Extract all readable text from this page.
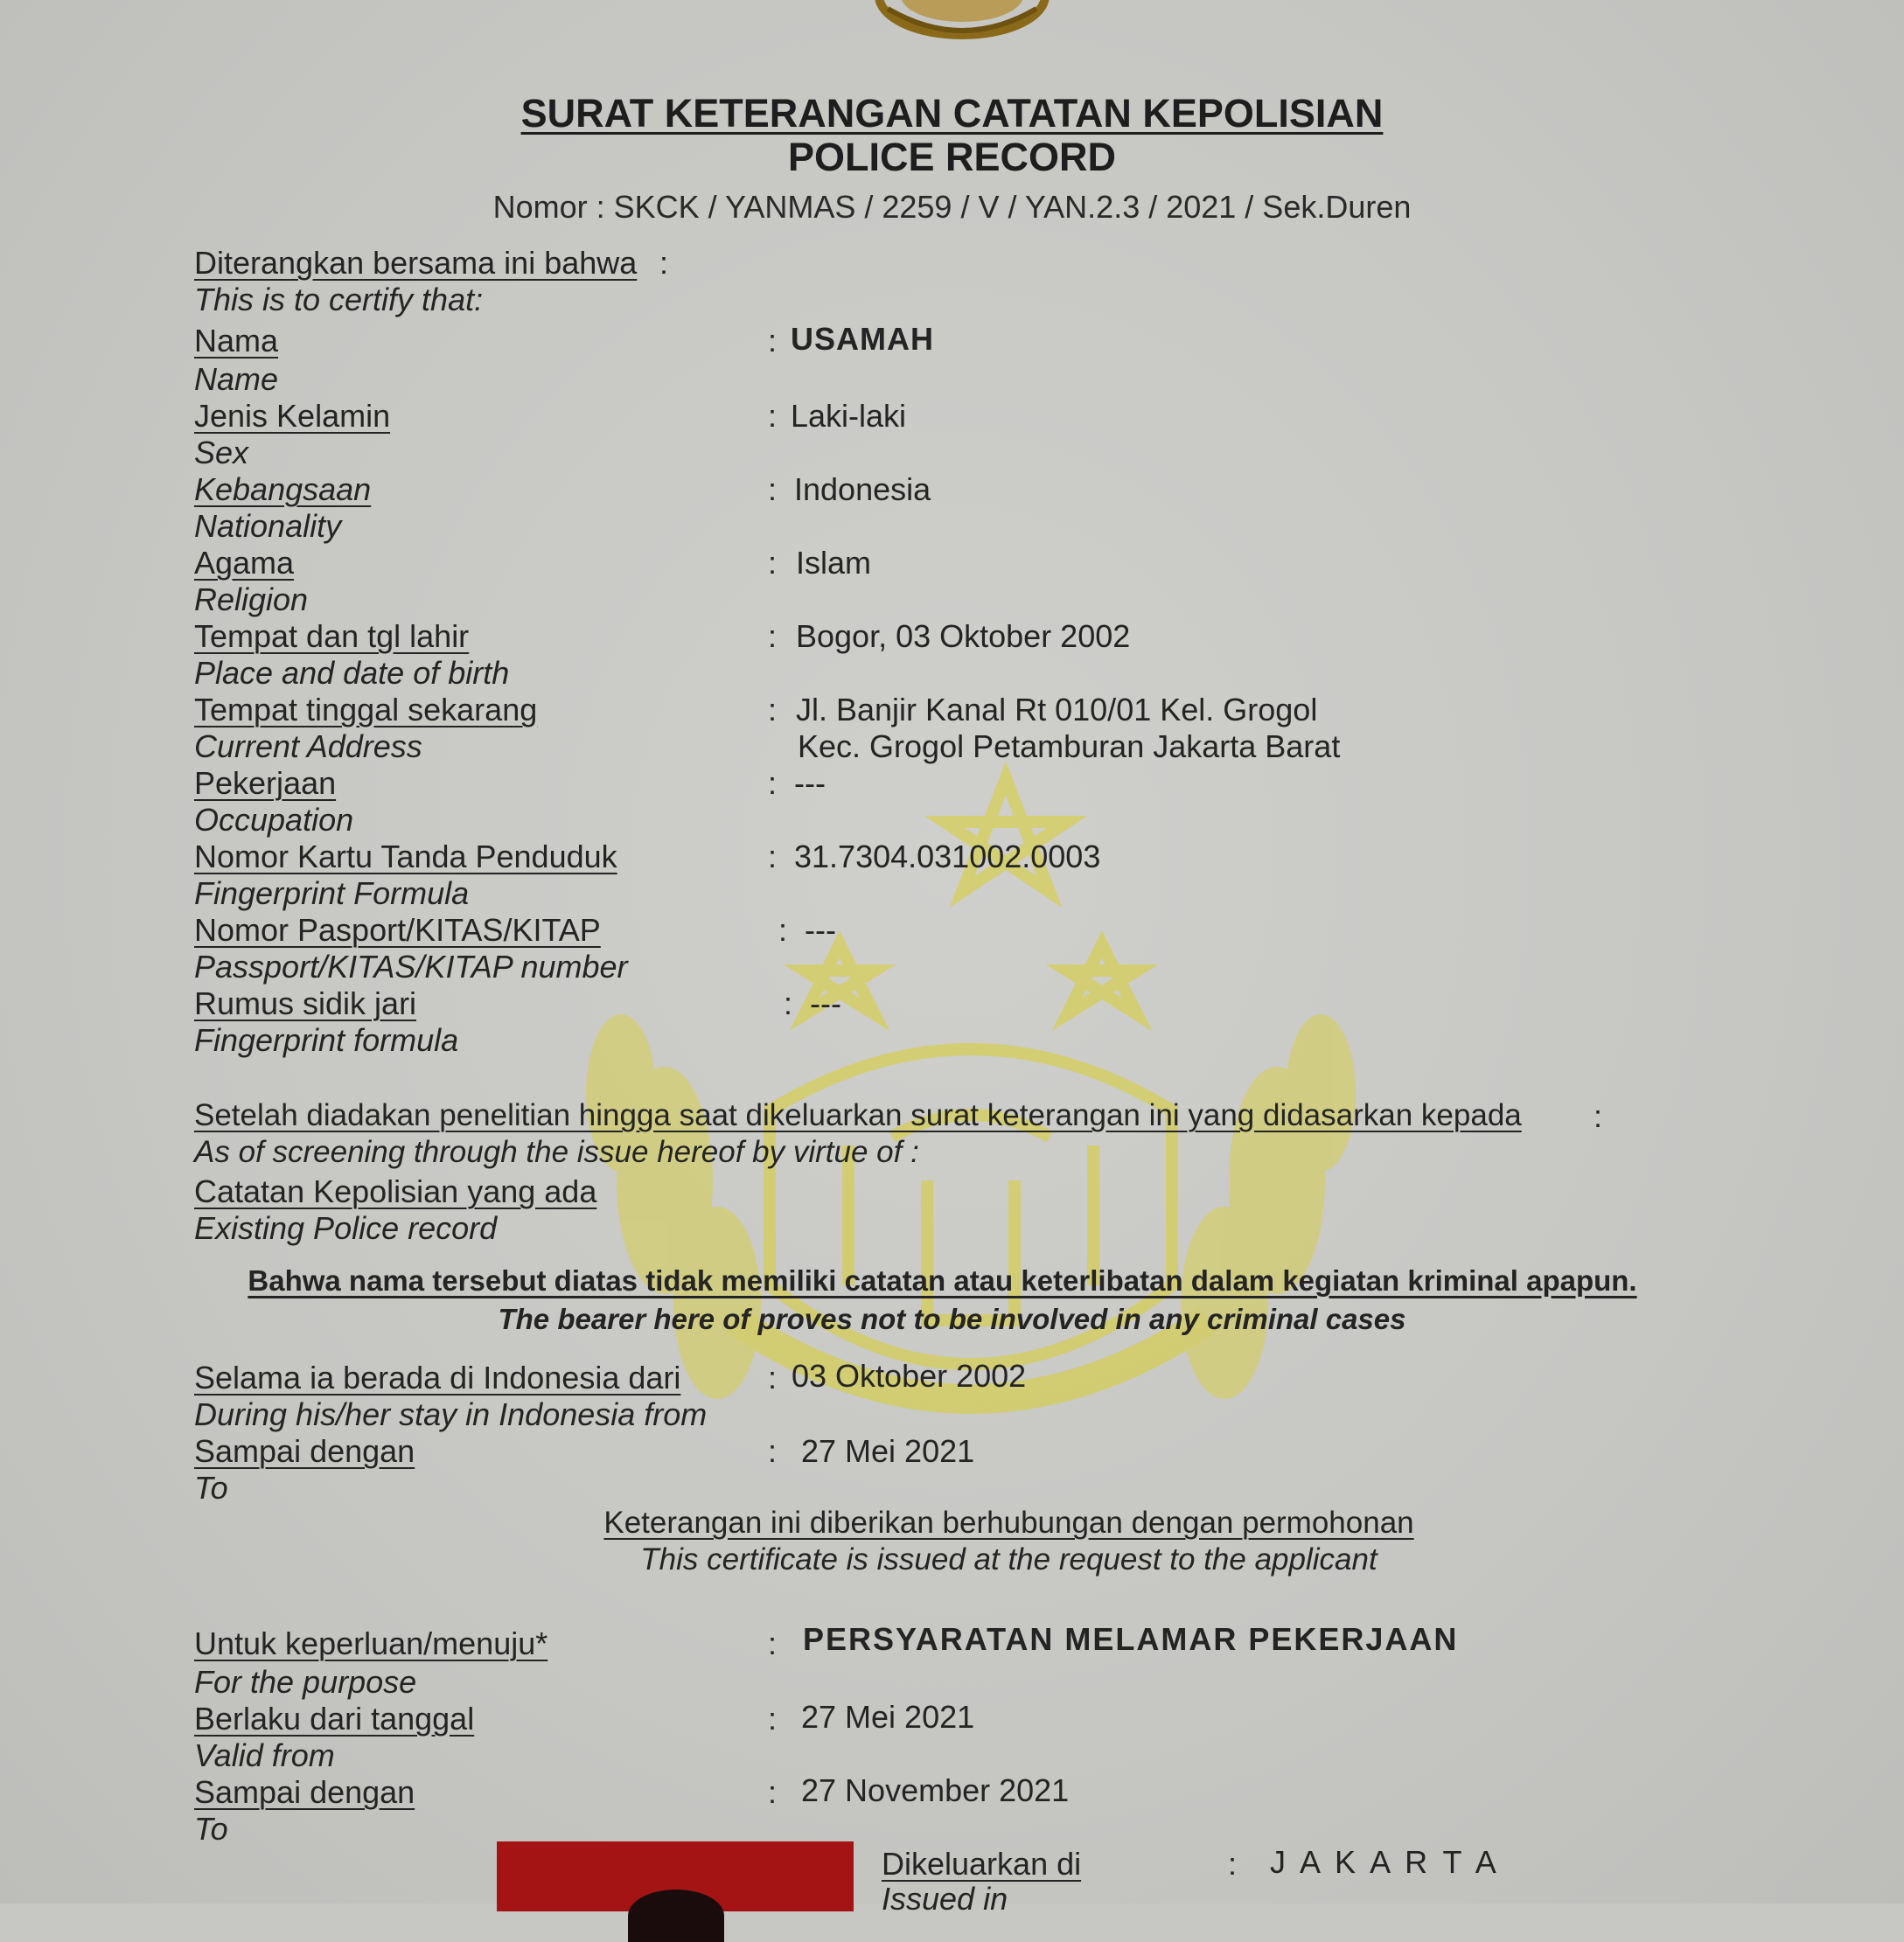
SURAT KETERANGAN CATATAN KEPOLISIAN
POLICE RECORD
Nomor : SKCK / YANMAS / 2259 / V / YAN.2.3 / 2021 / Sek.Duren
Diterangkan bersama ini bahwa :
This is to certify that:
Nama	: USAMAH
Name
Jenis Kelamin	: Laki-laki
Sex
Kebangsaan	: Indonesia
Nationality
Agama	: Islam
Religion
Tempat dan tgl lahir	: Bogor, 03 Oktober 2002
Place and date of birth
Tempat tinggal sekarang	: Jl. Banjir Kanal Rt 010/01 Kel. Grogol
Current Address	Kec. Grogol Petamburan Jakarta Barat
Pekerjaan	: ---
Occupation
Nomor Kartu Tanda Penduduk	: 31.7304.031002.0003
Fingerprint Formula
Nomor Pasport/KITAS/KITAP	: ---
Passport/KITAS/KITAP number
Rumus sidik jari	: ---
Fingerprint formula
Setelah diadakan penelitian hingga saat dikeluarkan surat keterangan ini yang didasarkan kepada :
As of screening through the issue hereof by virtue of :
Catatan Kepolisian yang ada
Existing Police record
Bahwa nama tersebut diatas tidak memiliki catatan atau keterlibatan dalam kegiatan kriminal apapun.
The bearer here of proves not to be involved in any criminal cases
Selama ia berada di Indonesia dari	: 03 Oktober 2002
During his/her stay in Indonesia from
Sampai dengan	: 27 Mei 2021
To
Keterangan ini diberikan berhubungan dengan permohonan
This certificate is issued at the request to the applicant
Untuk keperluan/menuju*	: PERSYARATAN MELAMAR PEKERJAAN
For the purpose
Berlaku dari tanggal	: 27 Mei 2021
Valid from
Sampai dengan	: 27 November 2021
To
Dikeluarkan di	: J A K A R T A
Issued in
